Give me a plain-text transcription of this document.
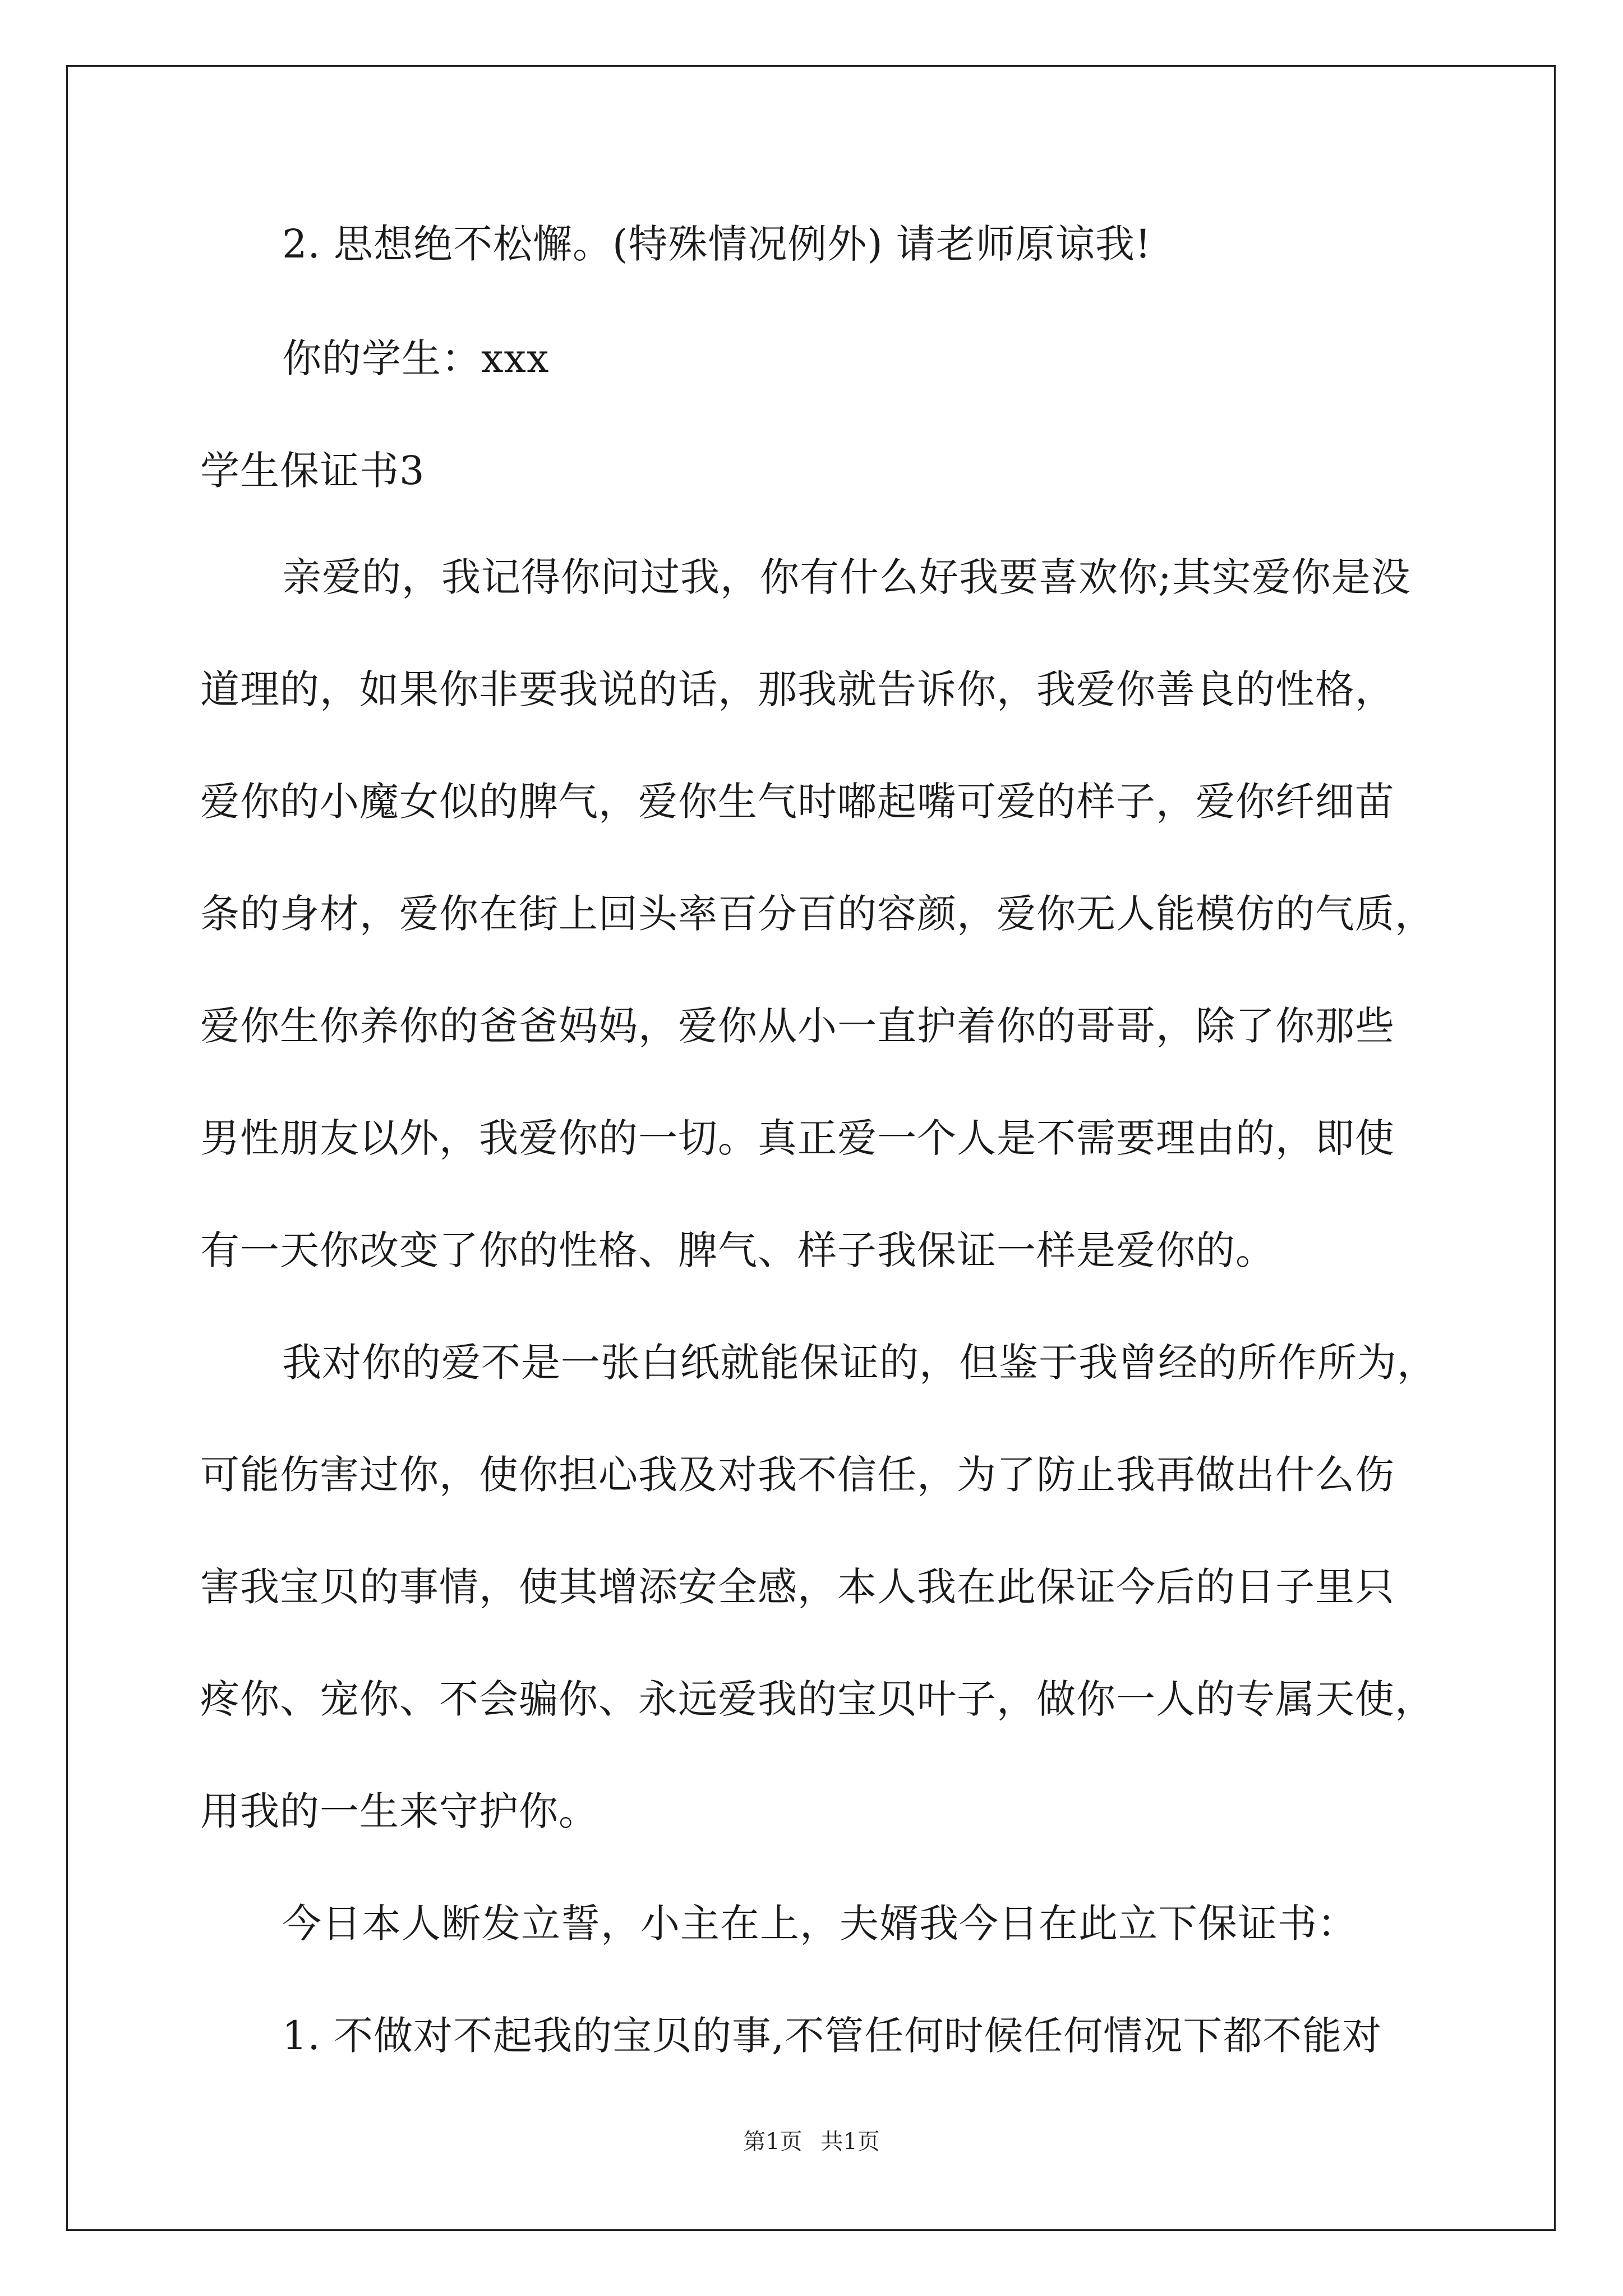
2. 思想绝不松懈。(特殊情况例外) 请老师原谅我!
你的学生：xxx
学生保证书3
亲爱的，我记得你问过我，你有什么好我要喜欢你;其实爱你是没
道理的，如果你非要我说的话，那我就告诉你，我爱你善良的性格，
爱你的小魔女似的脾气，爱你生气时嘟起嘴可爱的样子，爱你纤细苗
条的身材，爱你在街上回头率百分百的容颜，爱你无人能模仿的气质，
爱你生你养你的爸爸妈妈，爱你从小一直护着你的哥哥，除了你那些
男性朋友以外，我爱你的一切。真正爱一个人是不需要理由的，即使
有一天你改变了你的性格、脾气、样子我保证一样是爱你的。
我对你的爱不是一张白纸就能保证的，但鉴于我曾经的所作所为，
可能伤害过你，使你担心我及对我不信任，为了防止我再做出什么伤
害我宝贝的事情，使其增添安全感，本人我在此保证今后的日子里只
疼你、宠你、不会骗你、永远爱我的宝贝叶子，做你一人的专属天使，
用我的一生来守护你。
今日本人断发立誓，小主在上，夫婿我今日在此立下保证书：
1. 不做对不起我的宝贝的事,不管任何时候任何情况下都不能对
第1页 共1页
